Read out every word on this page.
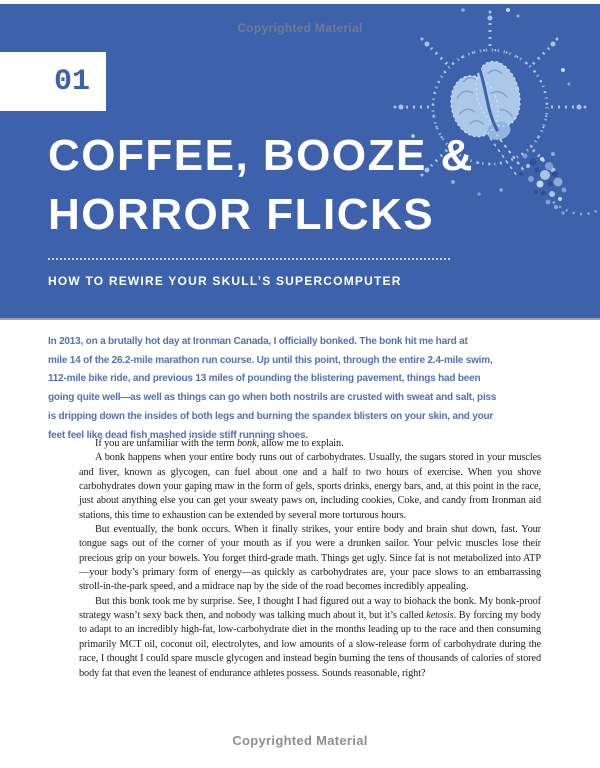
Copyrighted Material
01
COFFEE, BOOZE &
HORROR FLICKS
HOW TO REWIRE YOUR SKULL’S SUPERCOMPUTER
In 2013, on a brutally hot day at Ironman Canada, I officially bonked. The bonk hit me hard at
mile 14 of the 26.2-mile marathon run course. Up until this point, through the entire 2.4-mile swim,
112-mile bike ride, and previous 13 miles of pounding the blistering pavement, things had been
going quite well—as well as things can go when both nostrils are crusted with sweat and salt, piss
is dripping down the insides of both legs and burning the spandex blisters on your skin, and your
feet feel like dead fish mashed inside stiff running shoes.

If you are unfamiliar with the term bonk, allow me to explain.

A bonk happens when your entire body runs out of carbohydrates. Usually, the sugars stored in your muscles and liver, known as glycogen, can fuel about one and a half to two hours of exercise. When you shove carbohydrates down your gaping maw in the form of gels, sports drinks, energy bars, and, at this point in the race, just about anything else you can get your sweaty paws on, including cookies, Coke, and candy from Ironman aid stations, this time to exhaustion can be extended by several more torturous hours.

But eventually, the bonk occurs. When it finally strikes, your entire body and brain shut down, fast. Your tongue sags out of the corner of your mouth as if you were a drunken sailor. Your pelvic muscles lose their precious grip on your bowels. You forget third-grade math. Things get ugly. Since fat is not metabolized into ATP—your body’s primary form of energy—as quickly as carbohydrates are, your pace slows to an embarrassing stroll-in-the-park speed, and a midrace nap by the side of the road becomes incredibly appealing.

But this bonk took me by surprise. See, I thought I had figured out a way to biohack the bonk. My bonk-proof strategy wasn’t sexy back then, and nobody was talking much about it, but it’s called ketosis. By forcing my body to adapt to an incredibly high-fat, low-carbohydrate diet in the months leading up to the race and then consuming primarily MCT oil, coconut oil, electrolytes, and low amounts of a slow-release form of carbohydrate during the race, I thought I could spare muscle glycogen and instead begin burning the tens of thousands of calories of stored body fat that even the leanest of endurance athletes possess. Sounds reasonable, right?

Copyrighted Material
